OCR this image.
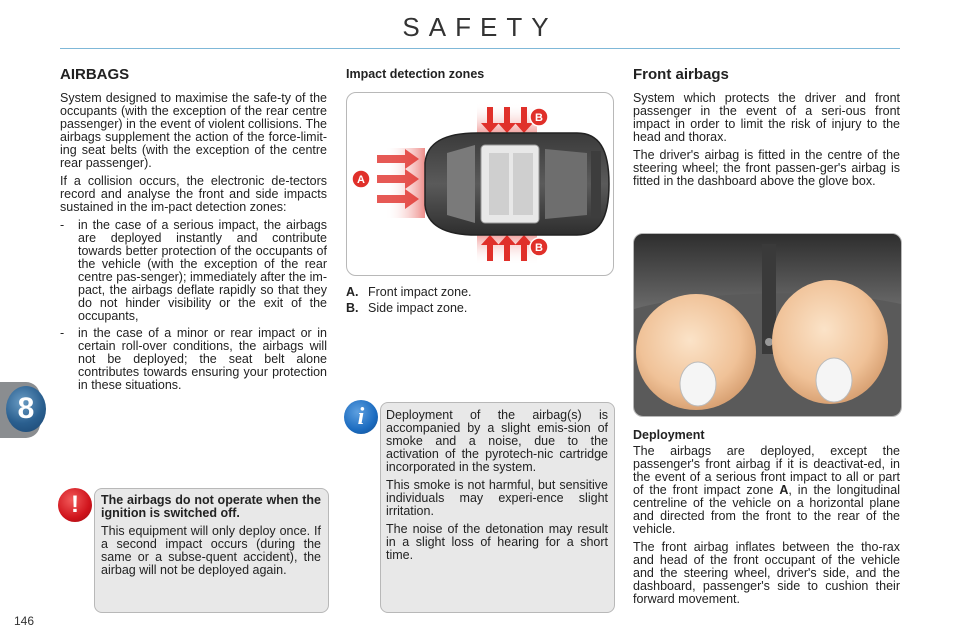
SAFETY
8
146
AIRBAGS

System designed to maximise the safe-ty of the occupants (with the exception of the rear centre passenger) in the event of violent collisions. The airbags supplement the action of the force-limit-ing seat belts (with the exception of the centre rear passenger).

If a collision occurs, the electronic de-tectors record and analyse the front and side impacts sustained in the im-pact detection zones:

- in the case of a serious impact, the airbags are deployed instantly and contribute towards better protection of the occupants of the vehicle (with the exception of the rear centre pas-senger); immediately after the im-pact, the airbags deflate rapidly so that they do not hinder visibility or the exit of the occupants,
- in the case of a minor or rear impact or in certain roll-over conditions, the airbags will not be deployed; the seat belt alone contributes towards ensuring your protection in these situations.
!	The airbags do not operate when the ignition is switched off.

This equipment will only deploy once. If a second impact occurs (during the same or a subse-quent accident), the airbag will not be deployed again.

Impact detection zones
A
B
B
A. Front impact zone.
B. Side impact zone.
i	Deployment of the airbag(s) is accompanied by a slight emis-sion of smoke and a noise, due to the activation of the pyrotech-nic cartridge incorporated in the system.

This smoke is not harmful, but sensitive individuals may experi-ence slight irritation.

The noise of the detonation may result in a slight loss of hearing for a short time.

Front airbags

System which protects the driver and front passenger in the event of a seri-ous front impact in order to limit the risk of injury to the head and thorax.

The driver's airbag is fitted in the centre of the steering wheel; the front passen-ger's airbag is fitted in the dashboard above the glove box.

Deployment

The airbags are deployed, except the passenger's front airbag if it is deactivat-ed, in the event of a serious front impact to all or part of the front impact zone A, in the longitudinal centreline of the vehicle on a horizontal plane and directed from the front to the rear of the vehicle.

The front airbag inflates between the tho-rax and head of the front occupant of the vehicle and the steering wheel, driver's side, and the dashboard, passenger's side to cushion their forward movement.
